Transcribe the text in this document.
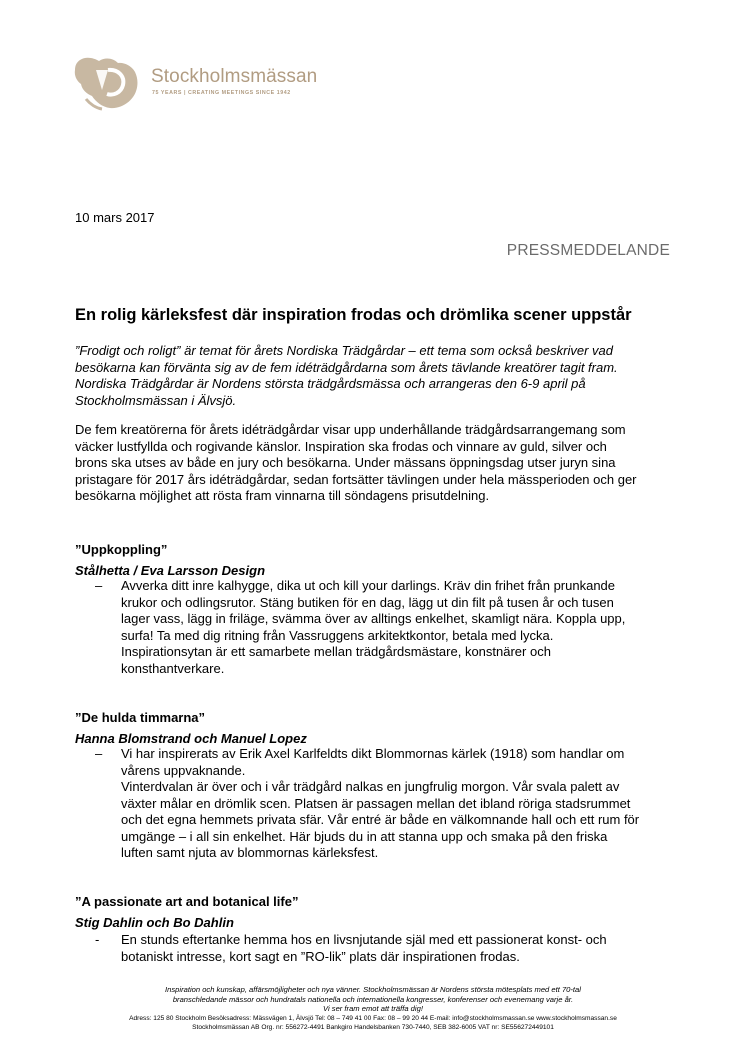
Stockholmsmässan
75 YEARS | CREATING MEETINGS SINCE 1942
10 mars 2017
PRESSMEDDELANDE
En rolig kärleksfest där inspiration frodas och drömlika scener uppstår

”Frodigt och roligt” är temat för årets Nordiska Trädgårdar – ett tema som också beskriver vad

besökarna kan förvänta sig av de fem idéträdgårdarna som årets tävlande kreatörer tagit fram.

Nordiska Trädgårdar är Nordens största trädgårdsmässa och arrangeras den 6-9 april på

Stockholmsmässan i Älvsjö.

De fem kreatörerna för årets idéträdgårdar visar upp underhållande trädgårdsarrangemang som

väcker lustfyllda och rogivande känslor. Inspiration ska frodas och vinnare av guld, silver och

brons ska utses av både en jury och besökarna. Under mässans öppningsdag utser juryn sina

pristagare för 2017 års idéträdgårdar, sedan fortsätter tävlingen under hela mässperioden och ger

besökarna möjlighet att rösta fram vinnarna till söndagens prisutdelning.

”Uppkoppling”
Stålhetta / Eva Larsson Design
– Avverka ditt inre kalhygge, dika ut och kill your darlings. Kräv din frihet från prunkande

krukor och odlingsrutor. Stäng butiken för en dag, lägg ut din filt på tusen år och tusen

lager vass, lägg in friläge, svämma över av alltings enkelhet, skamligt nära. Koppla upp,

surfa! Ta med dig ritning från Vassruggens arkitektkontor, betala med lycka.

Inspirationsytan är ett samarbete mellan trädgårdsmästare, konstnärer och

konsthantverkare.

”De hulda timmarna”
Hanna Blomstrand och Manuel Lopez
– Vi har inspirerats av Erik Axel Karlfeldts dikt Blommornas kärlek (1918) som handlar om

vårens uppvaknande.

Vinterdvalan är över och i vår trädgård nalkas en jungfrulig morgon. Vår svala palett av

växter målar en drömlik scen. Platsen är passagen mellan det ibland röriga stadsrummet

och det egna hemmets privata sfär. Vår entré är både en välkomnande hall och ett rum för

umgänge – i all sin enkelhet. Här bjuds du in att stanna upp och smaka på den friska

luften samt njuta av blommornas kärleksfest.

”A passionate art and botanical life”
Stig Dahlin och Bo Dahlin
- En stunds eftertanke hemma hos en livsnjutande själ med ett passionerat konst- och

botaniskt intresse, kort sagt en ”RO-lik” plats där inspirationen frodas.

Inspiration och kunskap, affärsmöjligheter och nya vänner. Stockholmsmässan är Nordens största mötesplats med ett 70-tal

branschledande mässor och hundratals nationella och internationella kongresser, konferenser och evenemang varje år.

Vi ser fram emot att träffa dig!

Adress: 125 80 Stockholm Besöksadress: Mässvägen 1, Älvsjö Tel: 08 – 749 41 00 Fax: 08 – 99 20 44 E-mail: info@stockholmsmassan.se www.stockholmsmassan.se

Stockholmsmässan AB Org. nr: 556272-4491 Bankgiro Handelsbanken 730-7440, SEB 382-6005 VAT nr: SE556272449101
